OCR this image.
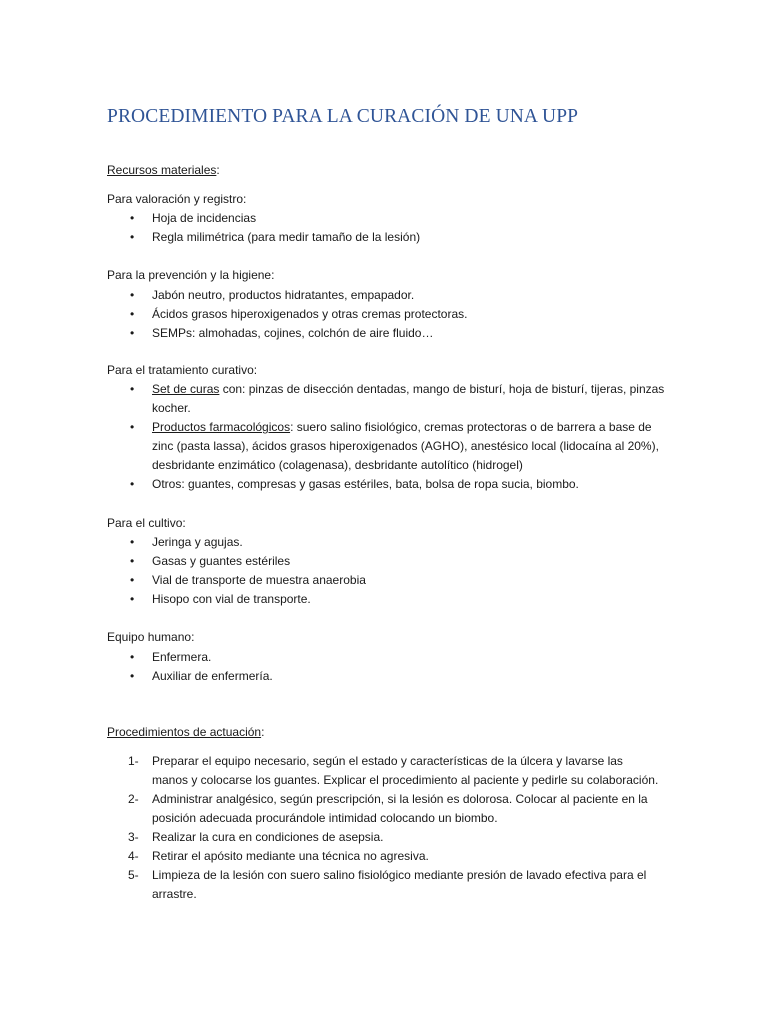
PROCEDIMIENTO PARA LA CURACIÓN DE UNA UPP
Recursos materiales:
Para valoración y registro:
• Hoja de incidencias
• Regla milimétrica (para medir tamaño de la lesión)
Para la prevención y la higiene:
• Jabón neutro, productos hidratantes, empapador.
• Ácidos grasos hiperoxigenados y otras cremas protectoras.
• SEMPs: almohadas, cojines, colchón de aire fluido…
Para el tratamiento curativo:
• Set de curas con: pinzas de disección dentadas, mango de bisturí, hoja de bisturí, tijeras, pinzas kocher.
• Productos farmacológicos: suero salino fisiológico, cremas protectoras o de barrera a base de zinc (pasta lassa), ácidos grasos hiperoxigenados (AGHO), anestésico local (lidocaína al 20%), desbridante enzimático (colagenasa), desbridante autolítico (hidrogel)
• Otros: guantes, compresas y gasas estériles, bata, bolsa de ropa sucia, biombo.
Para el cultivo:
• Jeringa y agujas.
• Gasas y guantes estériles
• Vial de transporte de muestra anaerobia
• Hisopo con vial de transporte.
Equipo humano:
• Enfermera.
• Auxiliar de enfermería.
Procedimientos de actuación:
1- Preparar el equipo necesario, según el estado y características de la úlcera y lavarse las manos y colocarse los guantes. Explicar el procedimiento al paciente y pedirle su colaboración.
2- Administrar analgésico, según prescripción, si la lesión es dolorosa. Colocar al paciente en la posición adecuada procurándole intimidad colocando un biombo.
3- Realizar la cura en condiciones de asepsia.
4- Retirar el apósito mediante una técnica no agresiva.
5- Limpieza de la lesión con suero salino fisiológico mediante presión de lavado efectiva para el arrastre.
